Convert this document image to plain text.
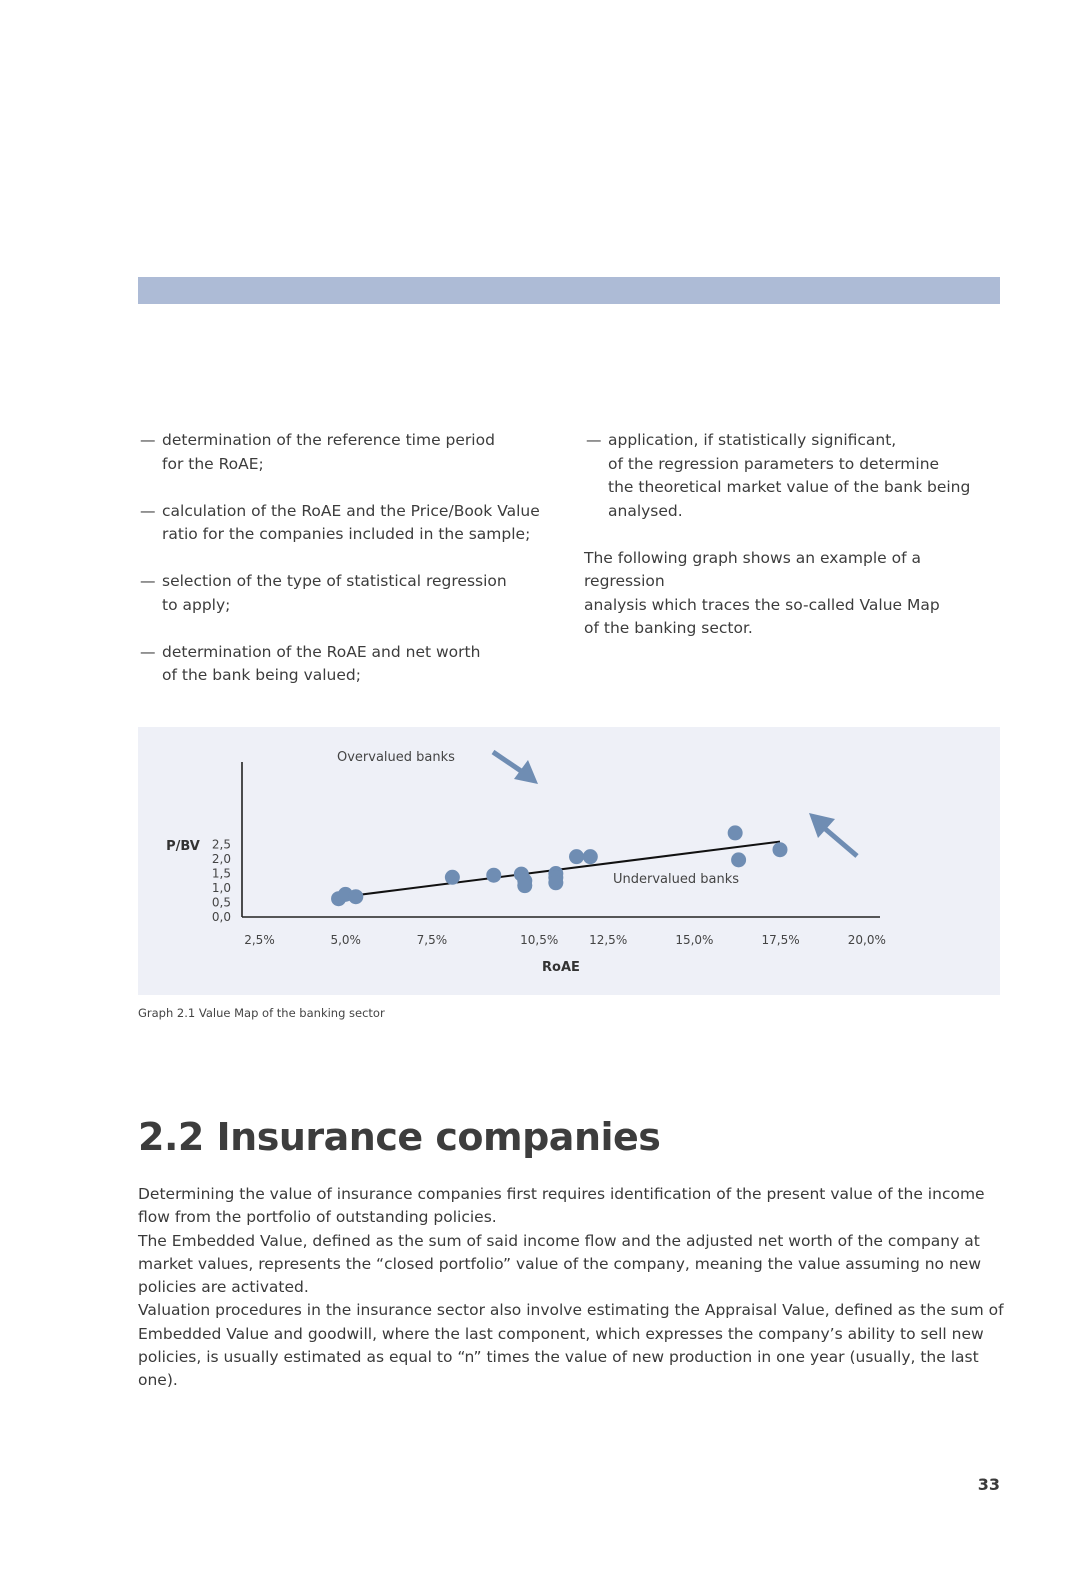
— determination of the reference time period
for the RoAE;
— calculation of the RoAE and the Price/Book Value
ratio for the companies included in the sample;
— selection of the type of statistical regression
to apply;
— determination of the RoAE and net worth
of the bank being valued;
— application, if statistically significant,
of the regression parameters to determine
the theoretical market value of the bank being
analysed.

The following graph shows an example of a regression
analysis which traces the so-called Value Map
of the banking sector.

0,0
0,5
1,0
1,5
2,0
2,5
2,5%	5,0%	7,5%	10,5%	12,5%	15,0%	17,5%	20,0%
RoAE
P/BV
Overvalued banks
Undervalued banks
Graph 2.1 Value Map of the banking sector
2.2 Insurance companies

Determining the value of insurance companies first requires identification of the present value of the income flow from the portfolio of outstanding policies.

The Embedded Value, defined as the sum of said income flow and the adjusted net worth of the company at market values, represents the “closed portfolio” value of the company, meaning the value assuming no new policies are activated.

Valuation procedures in the insurance sector also involve estimating the Appraisal Value, defined as the sum of Embedded Value and goodwill, where the last component, which expresses the company’s ability to sell new policies, is usually estimated as equal to “n” times the value of new production in one year (usually, the last one).

33
